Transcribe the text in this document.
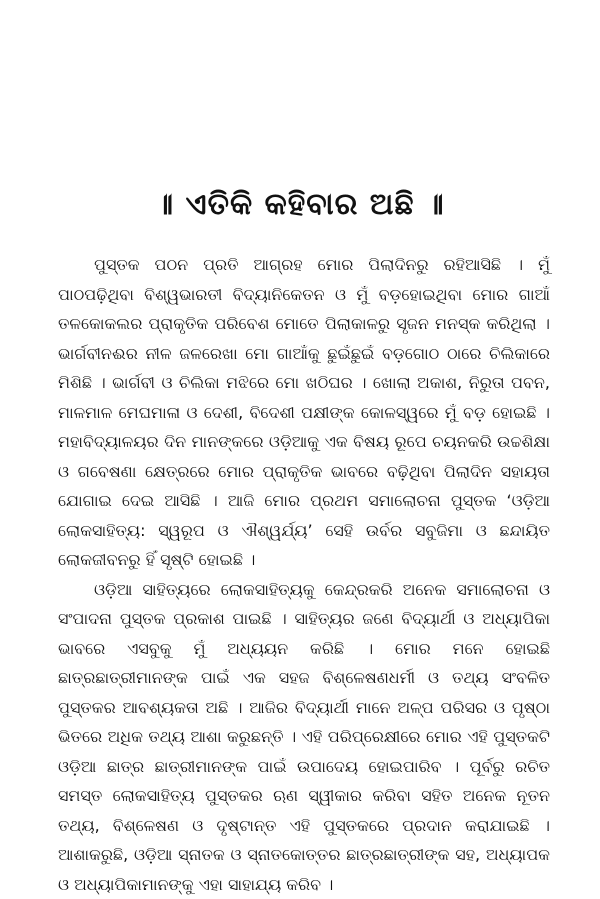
॥ ଏତିକି କହିବାର ଅଛି ॥

ପୁସ୍ତକ ପଠନ ପ୍ରତି ଆଗ୍ରହ ମୋର ପିଲାଦିନରୁ ରହିଆସିଛି । ମୁଁ ପାଠପଢ଼ିଥିବା ବିଶ୍ୱଭାରତୀ ବିଦ୍ୟାନିକେତନ ଓ ମୁଁ ବଡ଼ହୋଇଥିବା ମୋର ଗାଆଁ ତଳକୋକଲର ପ୍ରାକୃତିକ ପରିବେଶ ମୋତେ ପିଲାକାଳରୁ ସୃଜନ ମନସ୍କ କରିଥିଲା । ଭାର୍ଗବୀନଈର ନୀଳ ଜଳରେଖା ମୋ ଗାଆଁକୁ ଛୁଇଁଛୁଇଁ ବଡ଼ଗୋଠ ଠାରେ ଚିଲିକାରେ ମିଶିଛି । ଭାର୍ଗବୀ ଓ ଚିଲିକା ମଝିରେ ମୋ ଖଠିଘର । ଖୋଲା ଅକାଶ, ନିରୁତା ପବନ, ମାଳମାଳ ମେଘମାଳା ଓ ଦେଶୀ, ବିଦେଶୀ ପକ୍ଷୀଙ୍କ କୋଳସ୍ୱରେ ମୁଁ ବଡ଼ ହୋଇଛି । ମହାବିଦ୍ୟାଳୟର ଦିନ ମାନଙ୍କରେ ଓଡ଼ିଆକୁ ଏକ ବିଷୟ ରୂପେ ଚୟନକରି ଉଚ୍ଚଶିକ୍ଷା ଓ ଗବେଷଣା କ୍ଷେତ୍ରରେ ମୋର ପ୍ରାକୃତିକ ଭାବରେ ବଢ଼ିଥିବା ପିଲାଦିନ ସହାୟତା ଯୋଗାଇ ଦେଇ ଆସିଛି । ଆଜି ମୋର ପ୍ରଥମ ସମାଲୋଚନା ପୁସ୍ତକ ‘ଓଡ଼ିଆ ଲୋକସାହିତ୍ୟ: ସ୍ୱରୂପ ଓ ଐଶ୍ୱର୍ଯ୍ୟ’ ସେହି ଉର୍ବର ସବୁଜିମା ଓ ଛନ୍ଦାୟିତ ଲୋକଜୀବନରୁ ହିଁ ସୃଷ୍ଟି ହୋଇଛି ।

ଓଡ଼ିଆ ସାହିତ୍ୟରେ ଲୋକସାହିତ୍ୟକୁ କେନ୍ଦ୍ରକରି ଅନେକ ସମାଲୋଚନା ଓ ସଂପାଦନା ପୁସ୍ତକ ପ୍ରକାଶ ପାଇଛି । ସାହିତ୍ୟର ଜଣେ ବିଦ୍ୟାର୍ଥୀ ଓ ଅଧ୍ୟାପିକା ଭାବରେ ଏସବୁକୁ ମୁଁ ଅଧ୍ୟୟନ କରିଛି । ମୋର ମନେ ହୋଇଛି ଛାତ୍ରଛାତ୍ରୀମାନଙ୍କ ପାଇଁ ଏକ ସହଜ ବିଶ୍ଳେଷଣଧର୍ମୀ ଓ ତଥ୍ୟ ସଂବଳିତ ପୁସ୍ତକର ଆବଶ୍ୟକତା ଅଛି । ଆଜିର ବିଦ୍ୟାର୍ଥୀ ମାନେ ଅଳ୍ପ ପରିସର ଓ ପୃଷ୍ଠା ଭିତରେ ଅଧିକ ତଥ୍ୟ ଆଶା କରୁଛନ୍ତି । ଏହି ପରିପ୍ରେକ୍ଷୀରେ ମୋର ଏହି ପୁସ୍ତକଟି ଓଡ଼ିଆ ଛାତ୍ର ଛାତ୍ରୀମାନଙ୍କ ପାଇଁ ଉପାଦେୟ ହୋଇପାରିବ । ପୂର୍ବରୁ ରଚିତ ସମସ୍ତ ଲୋକସାହିତ୍ୟ ପୁସ୍ତକର ଋଣ ସ୍ୱୀକାର କରିବା ସହିତ ଅନେକ ନୂତନ ତଥ୍ୟ, ବିଶ୍ଳେଷଣ ଓ ଦୃଷ୍ଟାନ୍ତ ଏହି ପୁସ୍ତକରେ ପ୍ରଦାନ କରାଯାଇଛି । ଆଶାକରୁଛି, ଓଡ଼ିଆ ସ୍ନାତକ ଓ ସ୍ନାତକୋତ୍ତର ଛାତ୍ରଛାତ୍ରୀଙ୍କ ସହ, ଅଧ୍ୟାପକ ଓ ଅଧ୍ୟାପିକାମାନଙ୍କୁ ଏହା ସାହାଯ୍ୟ କରିବ ।
